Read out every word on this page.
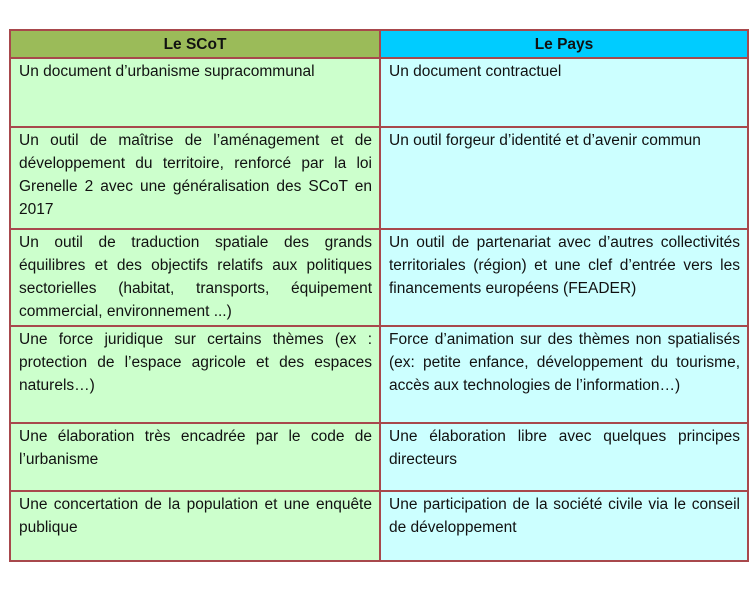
Le SCoT	Le Pays
Un document d’urbanisme supracommunal	Un document contractuel
Un outil de maîtrise de l’aménagement et de développement du territoire, renforcé par la loi Grenelle 2 avec une généralisation des SCoT en 2017	Un outil forgeur d’identité et d’avenir commun
Un outil de traduction spatiale des grands équilibres et des objectifs relatifs aux politiques sectorielles (habitat, transports, équipement commercial, environnement ...)	Un outil de partenariat avec d’autres collectivités territoriales (région) et une clef d’entrée vers les financements européens (FEADER)
Une force juridique sur certains thèmes (ex : protection de l’espace agricole et des espaces naturels…)	Force d’animation sur des thèmes non spatialisés (ex: petite enfance, développement du tourisme, accès aux technologies de l’information…)
Une élaboration très encadrée par le code de l’urbanisme	Une élaboration libre avec quelques principes directeurs
Une concertation de la population et une enquête publique	Une participation de la société civile via le conseil de développement
